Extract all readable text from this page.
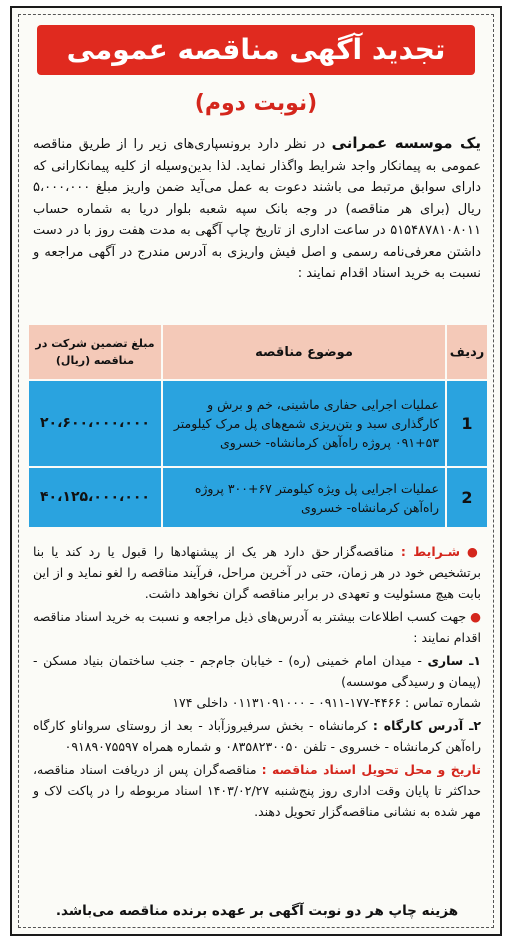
تجدید آگهی مناقصه عمومی
(نوبت دوم)
یک موسسه عمرانی در نظر دارد برونسپاری‌های زیر را از طریق مناقصه عمومی به پیمانکار واجد شرایط واگذار نماید. لذا بدین‌وسیله از کلیه پیمانکارانی که دارای سوابق مرتبط می باشند دعوت به عمل می‌آید ضمن واریز مبلغ ۵،۰۰۰،۰۰۰ ریال (برای هر مناقصه) در وجه بانک سپه شعبه بلوار دریا به شماره حساب ۵۱۵۴۸۷۸۱۰۸۰۱۱ در ساعت اداری از تاریخ چاپ آگهی به مدت هفت روز با در دست داشتن معرفی‌نامه رسمی و اصل فیش واریزی به آدرس مندرج در آگهی مراجعه و نسبت به خرید اسناد اقدام نمایند :
ردیف	موضوع مناقصه	مبلغ تضمین شرکت در مناقصه (ریال)
1	عملیات اجرایی حفاری ماشینی، خم و برش و کارگذاری سبد و بتن‌ریزی شمع‌های پل مرک کیلومتر ۵۳+۰۹۱ پروژه راه‌آهن کرمانشاه- خسروی	۲۰،۶۰۰،۰۰۰،۰۰۰
2	عملیات اجرایی پل ویژه کیلومتر ۶۷+۳۰۰ پروژه راه‌آهن کرمانشاه- خسروی	۴۰،۱۲۵،۰۰۰،۰۰۰
● شـرایط : مناقصه‌گزار حق دارد هر یک از پیشنهادها را قبول یا رد کند یا بنا برتشخیص خود در هر زمان، حتی در آخرین مراحل، فرآیند مناقصه را لغو نماید و از این بابت هیچ مسئولیت و تعهدی در برابر مناقصه گران نخواهد داشت.
● جهت کسب اطلاعات بیشتر به آدرس‌های ذیل مراجعه و نسبت به خرید اسناد مناقصه اقدام نمایند :
۱ـ ساری - میدان امام خمینی (ره) - خیابان جام‌جم - جنب ساختمان بنیاد مسکن - (پیمان و رسیدگی موسسه)
شماره تماس : ۴۴۶۶-۱۷۷-۰۹۱۱ - ۰۱۱۳۱۰۹۱۰۰۰ داخلی ۱۷۴
۲ـ آدرس کارگاه : کرمانشاه - بخش سرفیروزآباد - بعد از روستای سرواناو کارگاه راه‌آهن کرمانشاه - خسروی - تلفن ۰۸۳۵۸۲۳۰۰۵۰ و شماره همراه ۰۹۱۸۹۰۷۵۵۹۷
تاریخ و محل تحویل اسناد مناقصه : مناقصه‌گران پس از دریافت اسناد مناقصه، حداکثر تا پایان وقت اداری روز پنج‌شنبه ۱۴۰۳/۰۲/۲۷ اسناد مربوطه را در پاکت لاک و مهر شده به نشانی مناقصه‌گزار تحویل دهند.
هزینه چاپ هر دو نوبت آگهی بر عهده برنده مناقصه می‌باشد.
